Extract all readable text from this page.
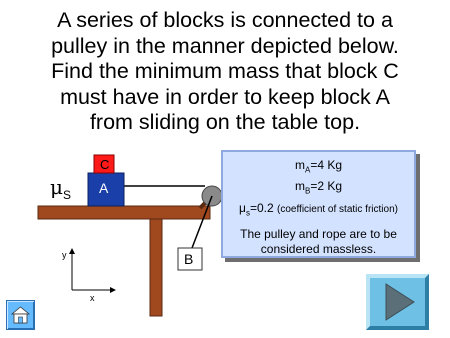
A series of blocks is connected to a
pulley in the manner depicted below.
Find the minimum mass that block C
must have in order to keep block A
from sliding on the table top.
A
C
B
$\mu_S$
y
x
$m_A=4$ Kg
$m_B=2$ Kg
$\mu_s=0.2$ (coefficient of static friction)
The pulley and rope are to be
considered massless.
